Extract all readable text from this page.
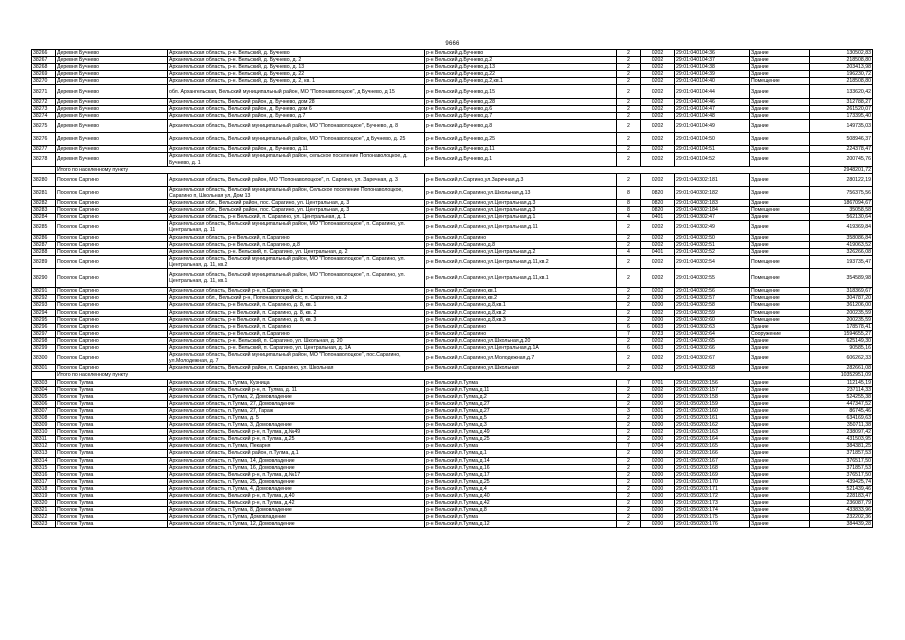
9666
38266	Деревня Бучнево	Архангельская область, р-н. Вельский, д. Бучнево	р-н Вельский,д.Бучнево	2	0202	29:01:040104:36	Здание	130502,83
38267	Деревня Бучнево	Архангельская область, р-н. Вельский, д. Бучнево, д. 2	р-н Вельский,д.Бучнево,д.2	2	0202	29:01:040104:37	Здание	218508,80
38268	Деревня Бучнево	Архангельская область, р-н. Вельский, д. Бучнево, д. 13	р-н Вельский,д.Бучнево,д.13	2	0202	29:01:040104:38	Здание	203413,98
38269	Деревня Бучнево	Архангельская область, р-н. Вельский, д. Бучнево, д. 22	р-н Вельский,д.Бучнево,д.22	2	0202	29:01:040104:39	Здание	196230,72
38270	Деревня Бучнево	Архангельская область, р-н. Вельский, д. Бучнево, д. 2, кв. 1	р-н Вельский,д.Бучнево,д.2,кв.1	2	0202	29:01:040104:40	Помещение	218508,80
38271	Деревня Бучнево	обл. Архангельская, Вельский муниципальный район, МО "Попонаволоцкое", д Бучнево, д 15	р-н Вельский,д.Бучнево,д.15	2	0202	29:01:040104:44	Здание	133620,42
38272	Деревня Бучнево	Архангельская область, Вельский район, д. Бучнево, дом 28	р-н Вельский,д.Бучнево,д.28	2	0202	29:01:040104:46	Здание	312788,27
38273	Деревня Бучнево	Архангельская область, Вельский район, д. Бучнево, дом 6	р-н Вельский,д.Бучнево,д.6	2	0202	29:01:040104:47	Здание	261520,07
38274	Деревня Бучнево	Архангельская область, Вельский район, д. Бучнево, д.7	р-н Вельский,д.Бучнево,д.7	2	0202	29:01:040104:48	Здание	173395,40
38275	Деревня Бучнево	Архангельская область, Вельский муниципальный район, МО "Попонаволоцкое", Бучнево, д. 8	р-н Вельский,д.Бучнево,д.8	2	0202	29:01:040104:49	Здание	149735,03
38276	Деревня Бучнево	Архангельская область, Вельский муниципальный район, МО "Попонаволоцкое", д Бучнево, д. 25	р-н Вельский,д.Бучнево,д.25	2	0202	29:01:040104:50	Здание	508946,37
38277	Деревня Бучнево	Архангельская область, Вельский район, д. Бучнево, д.11	р-н Вельский,д.Бучнево,д.11	2	0202	29:01:040104:51	Здание	224378,47
38278	Деревня Бучнево	Архангельская область, Вельский муниципальный район, сельское поселение Попонаволоцкое, д. Бучнево, д. 1	р-н Вельский,д.Бучнево,д.1	2	0202	29:01:040104:52	Здание	200745,76
	Итого по населенному пункту							2948201,72
38280	Поселок Саргино	Архангельская область, Вельский район, МО "Попонаволоцкое", п. Саргино, ул. Заречная, д. 3	р-н Вельский,п.Саргино,ул.Заречная,д.3	2	0202	29:01:040302:181	Здание	280122,19
38281	Поселок Саргино	Архангельская область, Вельский муниципальный район, Сельское поселение Попонаволоцкое, Сарагино п, Школьная ул, Дом 13	р-н Вельский,п.Сарагино,ул.Школьная,д.13	8	0820	29:01:040302:182	Здание	756375,56
38282	Поселок Саргино	Архангельская обл., Вельский район, пос. Сарагино, ул. Центральная, д. 3	р-н Вельский,п.Сарагино,ул.Центральная,д.3	8	0820	29:01:040302:183	Здание	1867094,67
38283	Поселок Саргино	Архангельская обл., Вельский район, пос. Сарагино, ул. Центральная, д. 3	р-н Вельский,п.Сарагино,ул.Центральная,д.3	8	0820	29:01:040302:184	Помещение	35058,58
38284	Поселок Саргино	Архангельская область, р-н Вельский, п. Сарагино, ул. Центральная, д. 1	р-н Вельский,п.Сарагино,ул.Центральная,д.1	4	0401	29:01:040302:47	Здание	562130,64
38285	Поселок Саргино	Архангельская область, Вельский муниципальный район, МО "Попонаволоцкое", п. Сарагино, ул. Центральная, д. 11	р-н Вельский,п.Сарагино,ул.Центральная,д.11	2	0202	29:01:040302:49	Здание	419369,84
38286	Поселок Саргино	Архангельская область, р-н Вельский, п.Сарагино	р-н Вельский,п.Сарагино	2	0202	29:01:040302:50	Здание	358086,84
38287	Поселок Саргино	Архангельская область, р-н Вельский, п.Сарагино, д.8	р-н Вельский,п.Сарагино,д.8	2	0202	29:01:040302:51	Здание	419063,52
38288	Поселок Саргино	Архангельская область, р-н. Вельский, п. Сарагино, ул. Центральная, д. 2	р-н Вельский,п.Сарагино,ул.Центральная,д.2	4	0401	29:01:040302:52	Здание	326266,08
38289	Поселок Саргино	Архангельская область, Вельский муниципальный район, МО "Попонаволоцкое", п. Сарагино, ул. Центральная, д. 11, кв.2	р-н Вельский,п.Сарагино,ул.Центральная,д.11,кв.2	2	0202	29:01:040302:54	Помещение	193735,47
38290	Поселок Саргино	Архангельская область, Вельский муниципальный район, МО "Попонаволоцкое", п. Сарагино, ул. Центральная, д. 11, кв.1	р-н Вельский,п.Сарагино,ул.Центральная,д.11,кв.1	2	0202	29:01:040302:55	Помещение	354589,98
38291	Поселок Саргино	Архангельская область, Вельский р-н, п.Сарагино, кв. 1	р-н Вельский,п.Сарагино,кв.1	2	0202	29:01:040302:56	Помещение	318369,67
38292	Поселок Саргино	Архангельская обл., Вельский р-н, Попонаволоцкий с/с, п. Сарагино, кв. 2	р-н Вельский,п.Сарагино,кв.2	2	0200	29:01:040302:57	Помещение	304787,20
38293	Поселок Саргино	Архангельская область, р-н Вельский, п. Сарагино, д. 8, кв. 1	р-н Вельский,п.Сарагино,д.8,кв.1	2	0200	29:01:040302:58	Помещение	361206,00
38294	Поселок Саргино	Архангельская область, р-н Вельский, п. Сарагино, д. 8, кв. 2	р-н Вельский,п.Сарагино,д.8,кв.2	2	0202	29:01:040302:59	Помещение	200235,59
38295	Поселок Саргино	Архангельская область, р-н Вельский, п. Сарагино, д. 8, кв. 3	р-н Вельский,п.Сарагино,д.8,кв.3	2	0200	29:01:040302:60	Помещение	200235,59
38296	Поселок Саргино	Архангельская область, р-н Вельский, п. Сарагино	р-н Вельский,п.Сарагино	6	0603	29:01:040302:63	Здание	178578,41
38297	Поселок Саргино	Архангельская область, р-н Вельский, п.Сарагино	р-н Вельский,п.Сарагино	7	0723	29:01:040302:64	Сооружение	1594655,27
38298	Поселок Саргино	Архангельская область, р-н. Вельский, п. Сарагино, ул. Школьная, д. 20	р-н Вельский,п.Сарагино,ул.Школьная,д.20	2	0202	29:01:040302:65	Здание	625149,30
38299	Поселок Саргино	Архангельская область, р-н. Вельский, п. Сарагино, ул. Центральная, д. 1А	р-н Вельский,п.Сарагино,ул.Центральная,д.1А	6	0603	29:01:040302:66	Здание	90585,16
38300	Поселок Саргино	Архангельская область, Вельский муниципальный район, МО "Попонаволоцкое", пос.Сарагино, ул.Молодежная, д. 7	р-н Вельский,п.Сарагино,ул.Молодежная,д.7	2	0202	29:01:040302:67	Здание	606262,33
38301	Поселок Саргино	Архангельская область, Вельский район, п. Сарагино, ул. Школьная	р-н Вельский,п.Сарагино,ул.Школьная	2	0202	29:01:040302:68	Здание	282661,08
	Итого по населенному пункту							10352951,09
38303	Поселок Тулма	Архангельская область, п.Тулма, Кузница	р-н Вельский,п.Тулма	7	0701	29:01:050203:156	Здание	112145,19
38304	Поселок Тулма	Архангельская область, Вельский р-н, п. Тулма, д. 11	р-н Вельский,п.Тулма,д.11	2	0202	29:01:050203:157	Здание	237114,33
38305	Поселок Тулма	Архангельская область, п.Тулма, 2, Домовладение	р-н Вельский,п.Тулма,д.2	2	0200	29:01:050203:158	Здание	524255,38
38306	Поселок Тулма	Архангельская область, п.Тулма, 27, Домовладение	р-н Вельский,п.Тулма,д.27	2	0200	29:01:050203:159	Здание	447347,52
38307	Поселок Тулма	Архангельская область, п.Тулма, 27, Гараж	р-н Вельский,п.Тулма,д.27	3	0301	29:01:050203:160	Здание	86745,46
38308	Поселок Тулма	Архангельская область, п.Тулма, д. 5	р-н Вельский,п.Тулма,д.5	2	0200	29:01:050203:161	Здание	634169,63
38309	Поселок Тулма	Архангельская область, п.Тулма, 3, Домовладение	р-н Вельский,п.Тулма,д.3	2	0200	29:01:050203:162	Здание	350711,38
38310	Поселок Тулма	Архангельская область, Вельский р-н, п.Тулма, д.№49	р-н Вельский,п.Тулма,д.49	2	0202	29:01:050203:163	Здание	238097,42
38311	Поселок Тулма	Архангельская область, Вельский р-н, п.Тулма, д.25	р-н Вельский,п.Тулма,д.25	2	0200	29:01:050203:164	Здание	431503,95
38312	Поселок Тулма	Архангельская область, п.Тулма, Пекарня	р-н Вельский,п.Тулма	7	0704	29:01:050203:165	Здание	384381,25
38313	Поселок Тулма	Архангельская область, Вельский район, п.Тулма, д.1	р-н Вельский,п.Тулма,д.1	2	0200	29:01:050203:166	Здание	371857,53
38314	Поселок Тулма	Архангельская область, п.Тулма, 14, Домовладение	р-н Вельский,п.Тулма,д.14	2	0200	29:01:050203:167	Здание	376517,50
38315	Поселок Тулма	Архангельская область, п.Тулма, 16, Домовладение	р-н Вельский,п.Тулма,д.16	2	0200	29:01:050203:168	Здание	371857,53
38316	Поселок Тулма	Архангельская область, Вельский р-н, п.Тулма, д.№17	р-н Вельский,п.Тулма,д.17	2	0200	29:01:050203:169	Здание	376517,50
38317	Поселок Тулма	Архангельская область, п.Тулма, 25, Домовладение	р-н Вельский,п.Тулма,д.25	2	0200	29:01:050203:170	Здание	439425,74
38318	Поселок Тулма	Архангельская область, п.Тулма, 4, Домовладение	р-н Вельский,п.Тулма,д.4	2	0200	29:01:050203:171	Здание	521439,46
38319	Поселок Тулма	Архангельская область, Вельский р-н, п.Тулма, д.40	р-н Вельский,п.Тулма,д.40	2	0200	29:01:050203:172	Здание	228183,47
38320	Поселок Тулма	Архангельская область, Вельский р-н, п.Тулма, д.42	р-н Вельский,п.Тулма,д.42	2	0200	29:01:050203:173	Здание	236087,79
38321	Поселок Тулма	Архангельская область, п.Тулма, 8, Домовладение	р-н Вельский,п.Тулма,д.8	2	0200	29:01:050203:174	Здание	433833,96
38322	Поселок Тулма	Архангельская область, п.Тулма, Домовладение	р-н Вельский,п.Тулма	2	0200	29:01:050203:175	Здание	232202,36
38323	Поселок Тулма	Архангельская область, п.Тулма, 12, Домовладение	р-н Вельский,п.Тулма,д.12	2	0200	29:01:050203:176	Здание	384439,28
